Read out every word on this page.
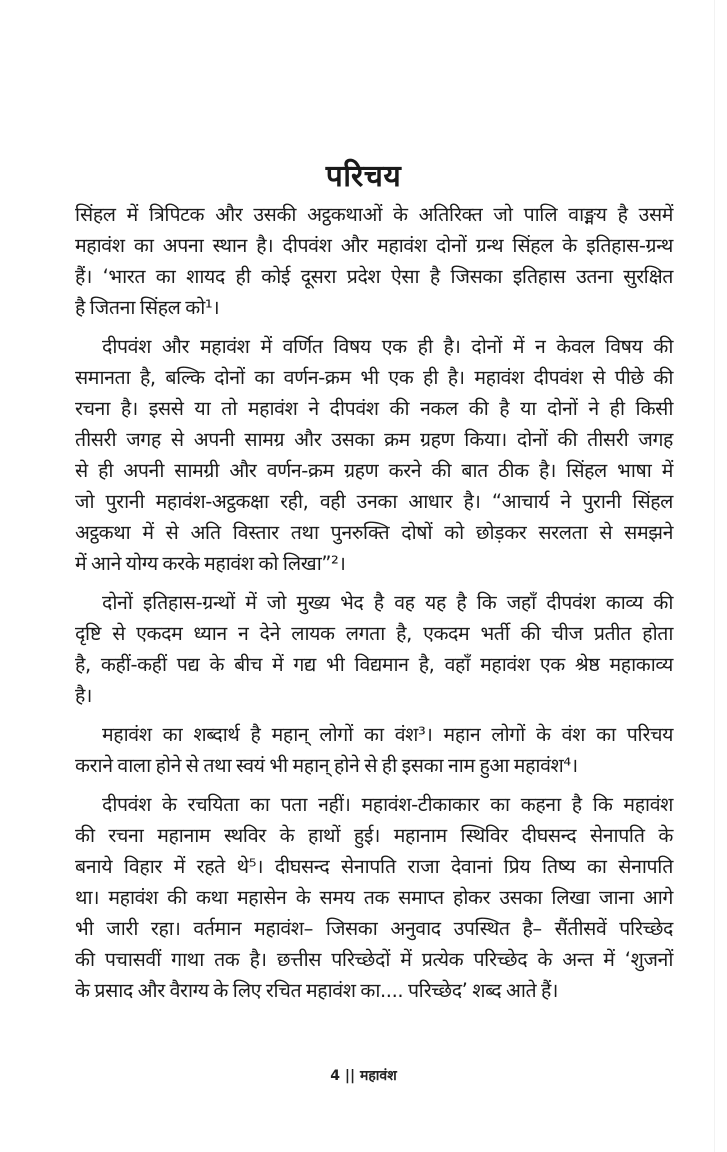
परिचय

सिंहल में त्रिपिटक और उसकी अट्ठकथाओं के अतिरिक्त जो पालि वाङ्मय है उसमें
महावंश का अपना स्थान है। दीपवंश और महावंश दोनों ग्रन्थ सिंहल के इतिहास-ग्रन्थ
हैं। ‘भारत का शायद ही कोई दूसरा प्रदेश ऐसा है जिसका इतिहास उतना सुरक्षित
है जितना सिंहल को¹।

दीपवंश और महावंश में वर्णित विषय एक ही है। दोनों में न केवल विषय की
समानता है, बल्कि दोनों का वर्णन-क्रम भी एक ही है। महावंश दीपवंश से पीछे की
रचना है। इससे या तो महावंश ने दीपवंश की नकल की है या दोनों ने ही किसी
तीसरी जगह से अपनी सामग्र और उसका क्रम ग्रहण किया। दोनों की तीसरी जगह
से ही अपनी सामग्री और वर्णन-क्रम ग्रहण करने की बात ठीक है। सिंहल भाषा में
जो पुरानी महावंश-अट्ठकक्षा रही, वही उनका आधार है। “आचार्य ने पुरानी सिंहल
अट्ठकथा में से अति विस्तार तथा पुनरुक्ति दोषों को छोड़कर सरलता से समझने
में आने योग्य करके महावंश को लिखा”²।

दोनों इतिहास-ग्रन्थों में जो मुख्य भेद है वह यह है कि जहाँ दीपवंश काव्य की
दृष्टि से एकदम ध्यान न देने लायक लगता है, एकदम भर्ती की चीज प्रतीत होता
है, कहीं-कहीं पद्य के बीच में गद्य भी विद्यमान है, वहाँ महावंश एक श्रेष्ठ महाकाव्य
है।

महावंश का शब्दार्थ है महान् लोगों का वंश³। महान लोगों के वंश का परिचय
कराने वाला होने से तथा स्वयं भी महान् होने से ही इसका नाम हुआ महावंश⁴।

दीपवंश के रचयिता का पता नहीं। महावंश-टीकाकार का कहना है कि महावंश
की रचना महानाम स्थविर के हाथों हुई। महानाम स्थिविर दीघसन्द सेनापति के
बनाये विहार में रहते थे⁵। दीघसन्द सेनापति राजा देवानां प्रिय तिष्य का सेनापति
था। महावंश की कथा महासेन के समय तक समाप्त होकर उसका लिखा जाना आगे
भी जारी रहा। वर्तमान महावंश– जिसका अनुवाद उपस्थित है– सैंतीसवें परिच्छेद
की पचासवीं गाथा तक है। छत्तीस परिच्छेदों में प्रत्येक परिच्छेद के अन्त में ‘शुजनों
के प्रसाद और वैराग्य के लिए रचित महावंश का.... परिच्छेद’ शब्द आते हैं।

4 || महावंश
